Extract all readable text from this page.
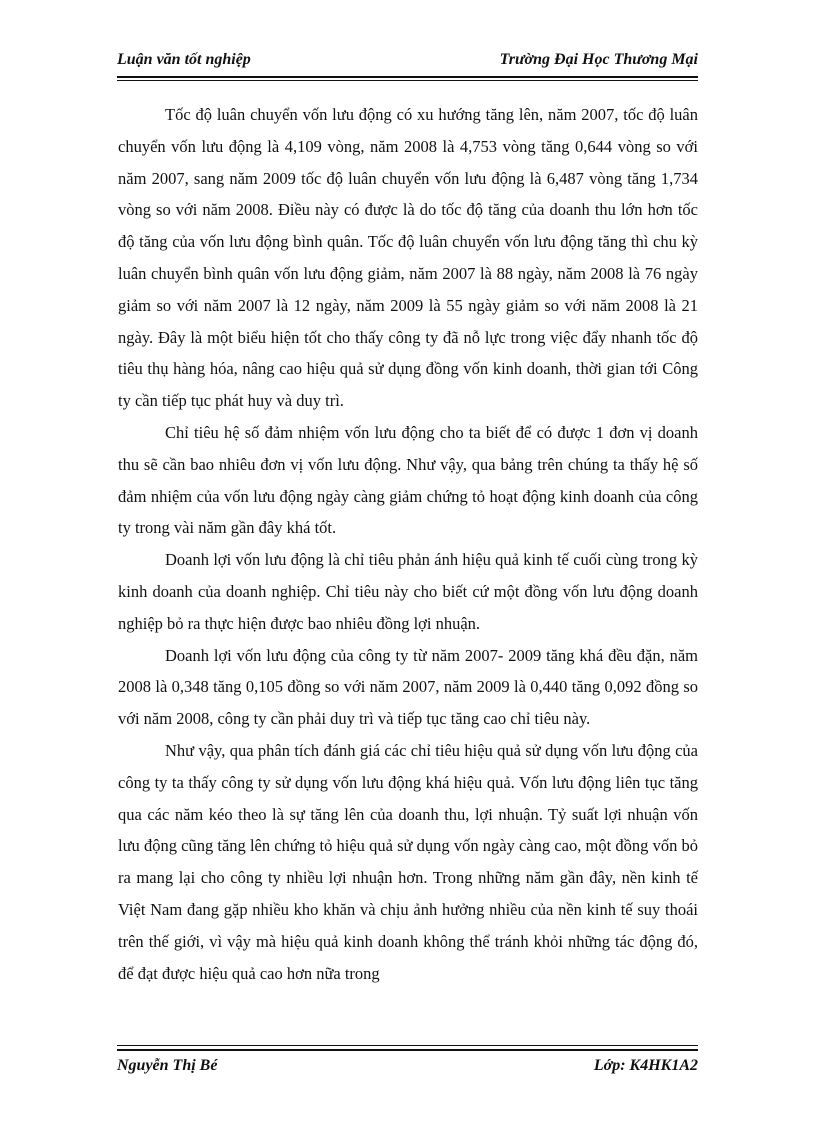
Luận văn tốt nghiệp	Trường Đại Học Thương Mại

Tốc độ luân chuyển vốn lưu động có xu hướng tăng lên, năm 2007, tốc độ luân chuyển vốn lưu động là 4,109 vòng, năm 2008 là 4,753 vòng tăng 0,644 vòng so với năm 2007, sang năm 2009 tốc độ luân chuyển vốn lưu động là 6,487 vòng tăng 1,734 vòng so với năm 2008. Điều này có được là do tốc độ tăng của doanh thu lớn hơn tốc độ tăng của vốn lưu động bình quân. Tốc độ luân chuyển vốn lưu động tăng thì chu kỳ luân chuyển bình quân vốn lưu động giảm, năm 2007 là 88 ngày, năm 2008 là 76 ngày giảm so với năm 2007 là 12 ngày, năm 2009 là 55 ngày giảm so với năm 2008 là 21 ngày. Đây là một biểu hiện tốt cho thấy công ty đã nỗ lực trong việc đẩy nhanh tốc độ tiêu thụ hàng hóa, nâng cao hiệu quả sử dụng đồng vốn kinh doanh, thời gian tới Công ty cần tiếp tục phát huy và duy trì.

Chỉ tiêu hệ số đảm nhiệm vốn lưu động cho ta biết để có được 1 đơn vị doanh thu sẽ cần bao nhiêu đơn vị vốn lưu động. Như vậy, qua bảng trên chúng ta thấy hệ số đảm nhiệm của vốn lưu động ngày càng giảm chứng tỏ hoạt động kinh doanh của công ty trong vài năm gần đây khá tốt.

Doanh lợi vốn lưu động là chỉ tiêu phản ánh hiệu quả kinh tế cuối cùng trong kỳ kinh doanh của doanh nghiệp. Chỉ tiêu này cho biết cứ một đồng vốn lưu động doanh nghiệp bỏ ra thực hiện được bao nhiêu đồng lợi nhuận.

Doanh lợi vốn lưu động của công ty từ năm 2007- 2009 tăng khá đều đặn, năm 2008 là 0,348 tăng 0,105 đồng so với năm 2007, năm 2009 là 0,440 tăng 0,092 đồng so với năm 2008, công ty cần phải duy trì và tiếp tục tăng cao chỉ tiêu này.

Như vậy, qua phân tích đánh giá các chỉ tiêu hiệu quả sử dụng vốn lưu động của công ty ta thấy công ty sử dụng vốn lưu động khá hiệu quả. Vốn lưu động liên tục tăng qua các năm kéo theo là sự tăng lên của doanh thu, lợi nhuận. Tỷ suất lợi nhuận vốn lưu động cũng tăng lên chứng tỏ hiệu quả sử dụng vốn ngày càng cao, một đồng vốn bỏ ra mang lại cho công ty nhiều lợi nhuận hơn. Trong những năm gần đây, nền kinh tế Việt Nam đang gặp nhiều kho khăn và chịu ảnh hưởng nhiều của nền kinh tế suy thoái trên thế giới, vì vậy mà hiệu quả kinh doanh không thể tránh khỏi những tác động đó, để đạt được hiệu quả cao hơn nữa trong

Nguyễn Thị Bé	Lớp: K4HK1A2
